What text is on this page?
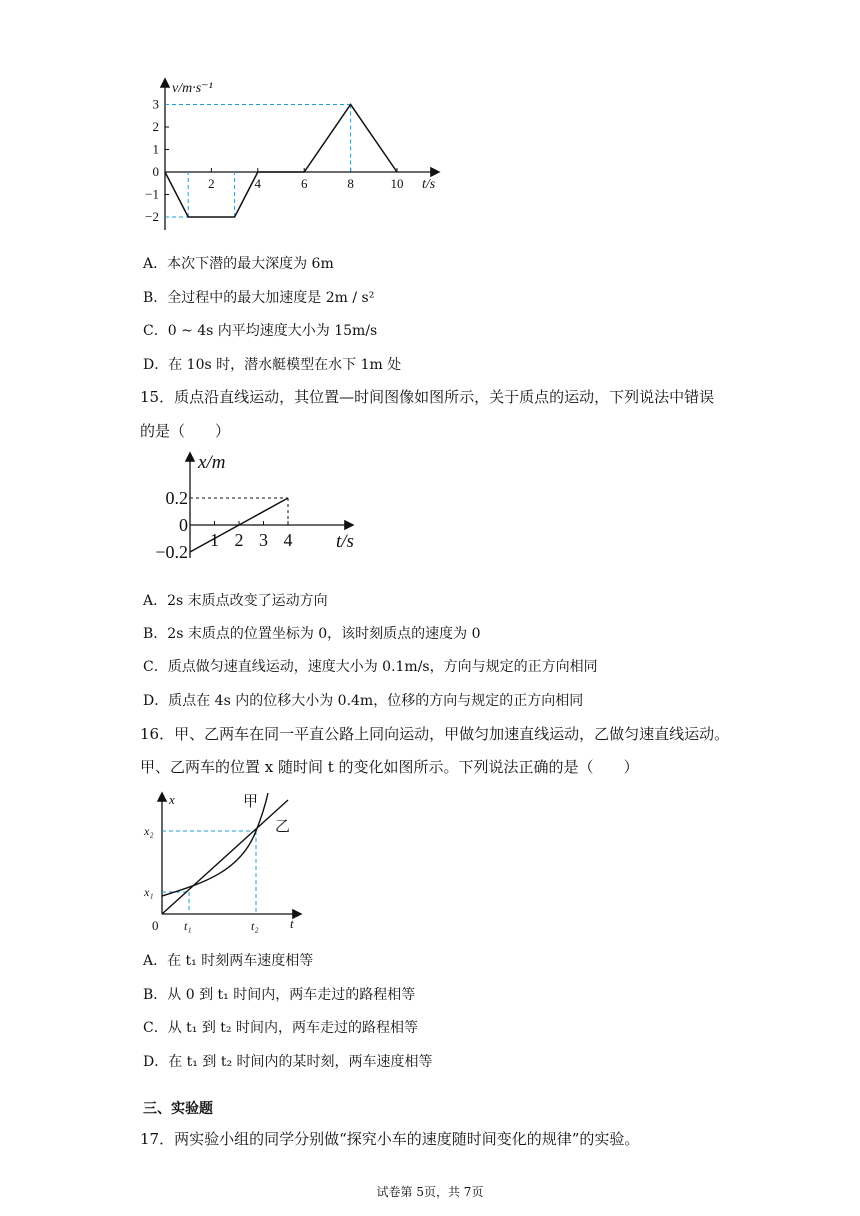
2	4	6	8	10
3
2
1
0
−1
−2
v/m·s⁻¹
t/s
A．本次下潜的最大深度为 6m
B．全过程中的最大加速度是 2m / s²
C．0 ~ 4s 内平均速度大小为 15m/s
D．在 10s 时，潜水艇模型在水下 1m 处
15．质点沿直线运动，其位置—时间图像如图所示，关于质点的运动，下列说法中错误
的是（　　）
1 2 3 4
0.2
0
−0.2
x/m
t/s
A．2s 末质点改变了运动方向
B．2s 末质点的位置坐标为 0，该时刻质点的速度为 0
C．质点做匀速直线运动，速度大小为 0.1m/s，方向与规定的正方向相同
D．质点在 4s 内的位移大小为 0.4m，位移的方向与规定的正方向相同
16．甲、乙两车在同一平直公路上同向运动，甲做匀加速直线运动，乙做匀速直线运动。
甲、乙两车的位置 x 随时间 t 的变化如图所示。下列说法正确的是（　　）
甲
乙
x
t
0
x₂
x₁
t₁	t₂
A．在 t₁ 时刻两车速度相等
B．从 0 到 t₁ 时间内，两车走过的路程相等
C．从 t₁ 到 t₂ 时间内，两车走过的路程相等
D．在 t₁ 到 t₂ 时间内的某时刻，两车速度相等
三、实验题
17．两实验小组的同学分别做“探究小车的速度随时间变化的规律”的实验。
试卷第 5页，共 7页
